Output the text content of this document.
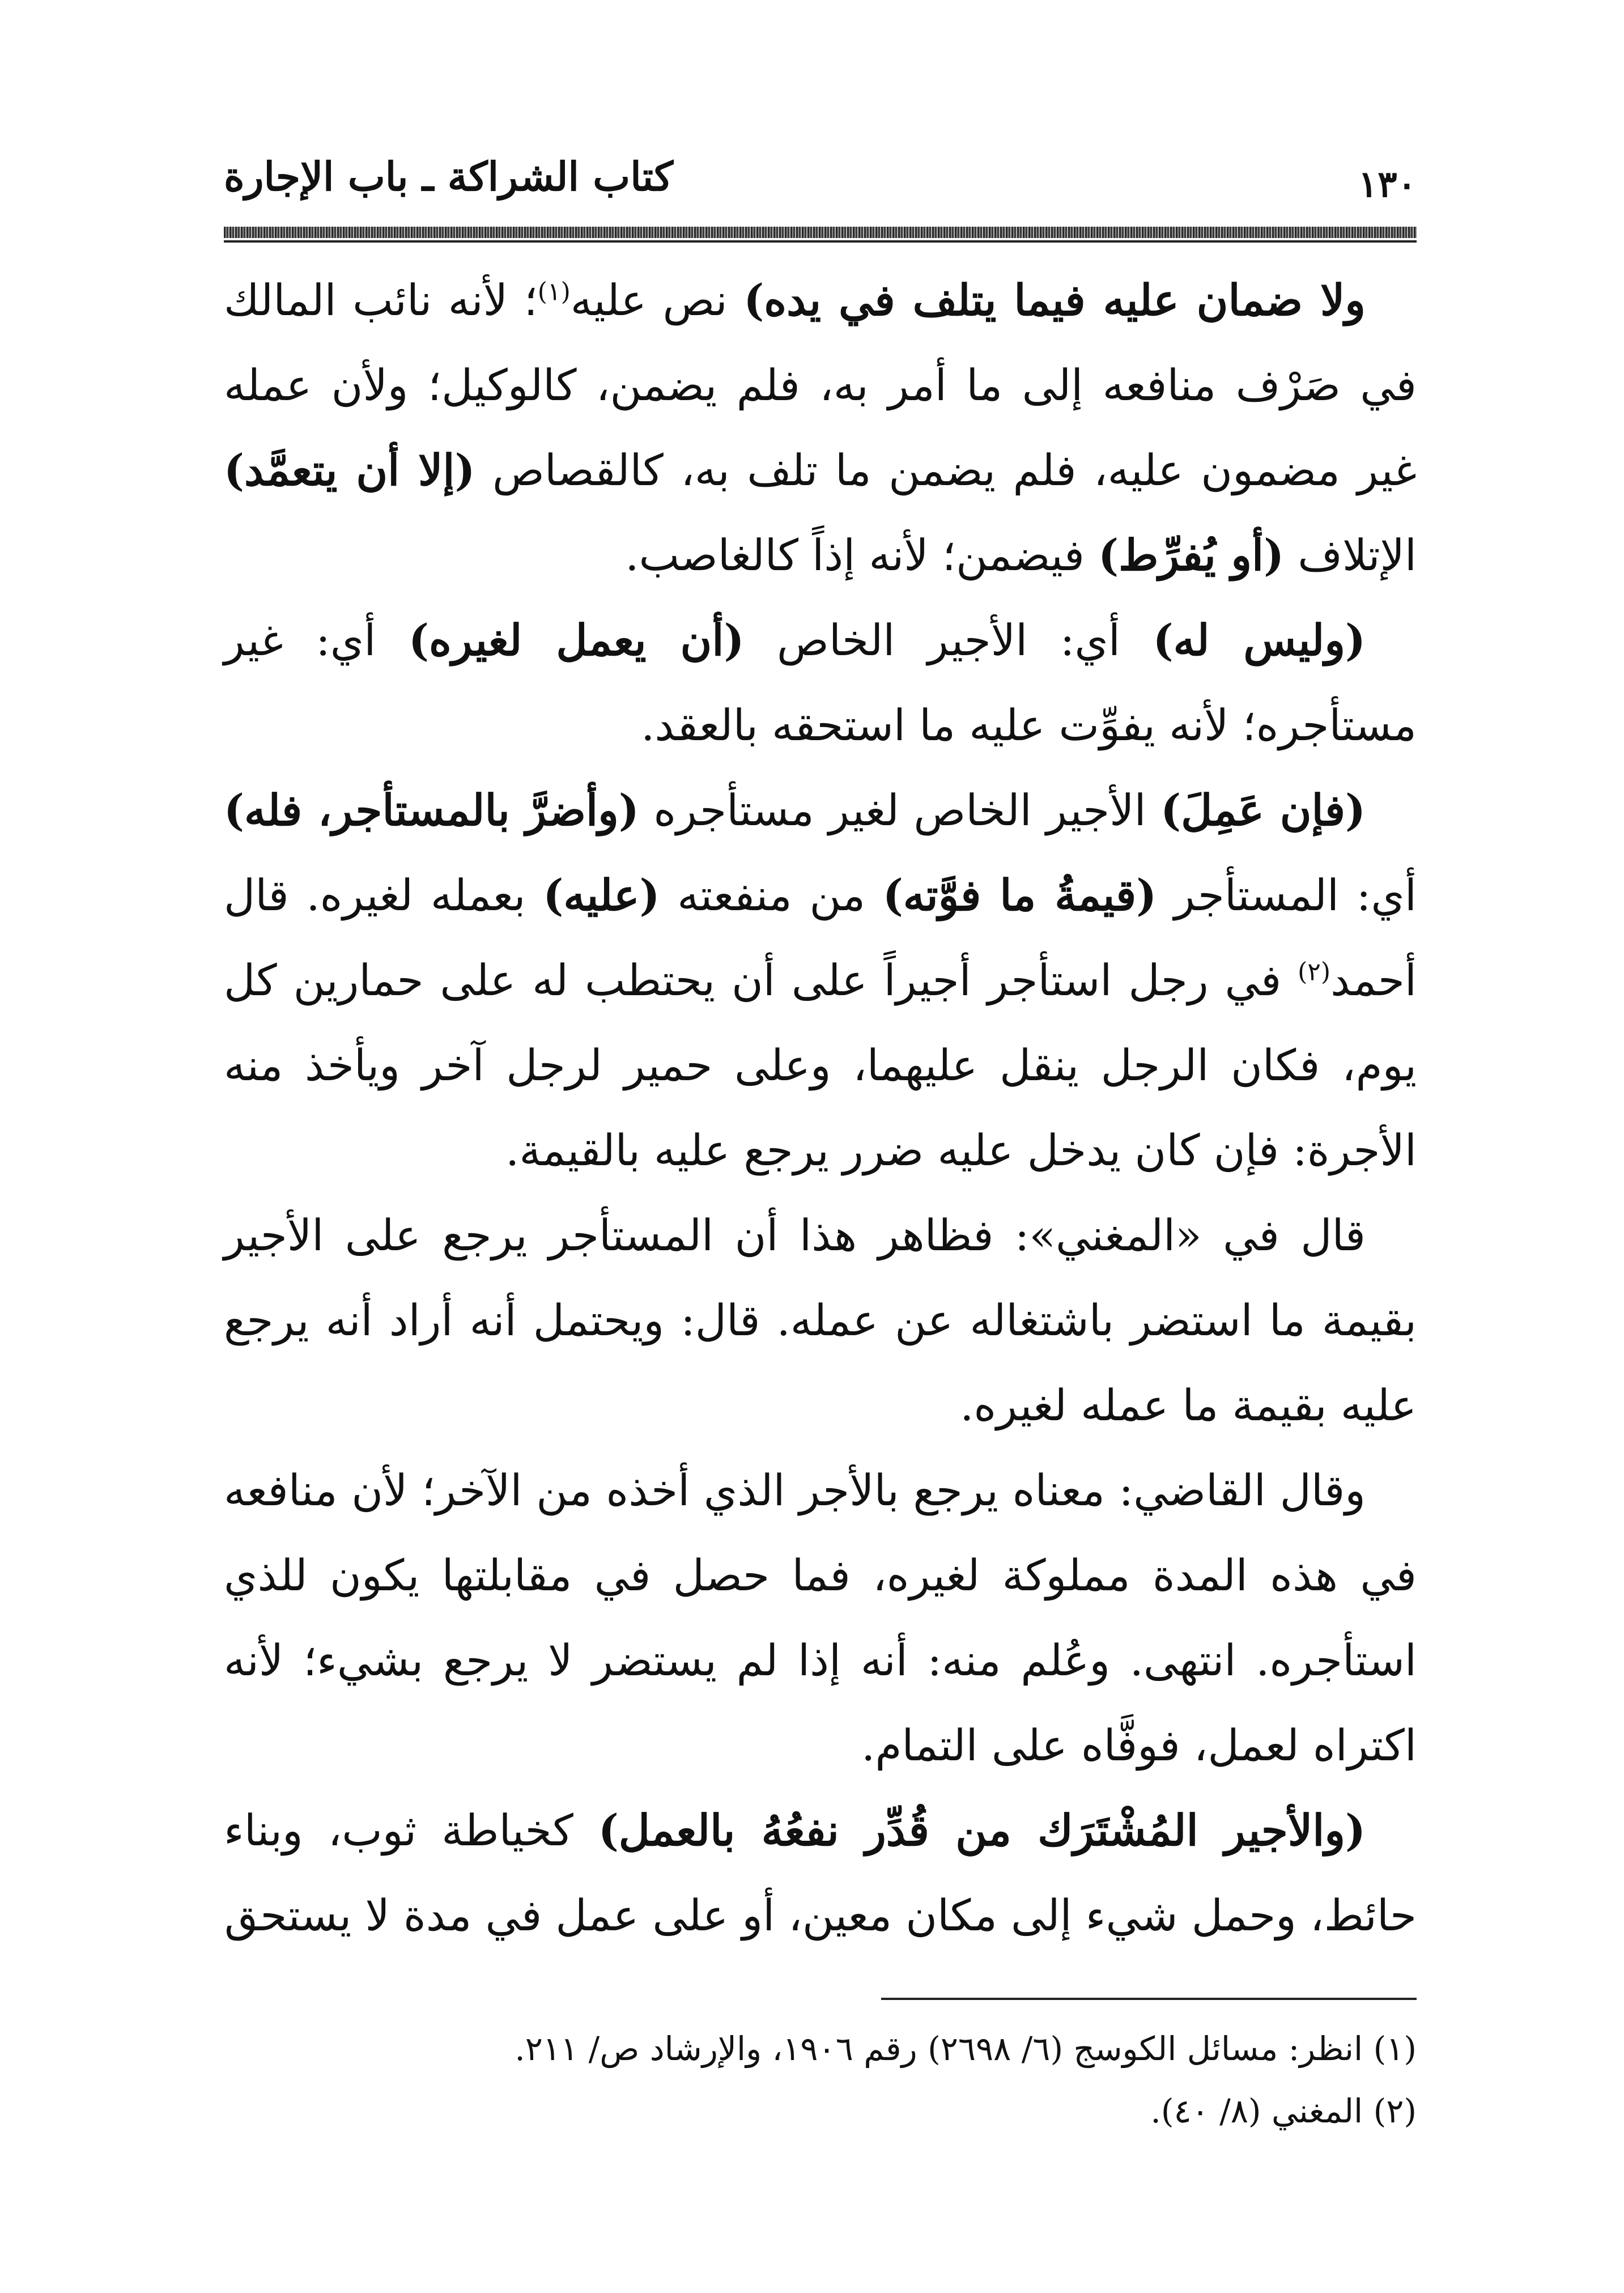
١٣٠
كتاب الشراكة ـ باب الإجارة

ولا ضمان عليه فيما يتلف في يده) نص عليه$^{(١)}$؛ لأنه نائب المالك في صَرْف منافعه إلى ما أمر به، فلم يضمن، كالوكيل؛ ولأن عمله غير مضمون عليه، فلم يضمن ما تلف به، كالقصاص (إلا أن يتعمَّد) الإتلاف (أو يُفرِّط) فيضمن؛ لأنه إذاً كالغاصب.

(وليس له) أي: الأجير الخاص (أن يعمل لغيره) أي: غير مستأجره؛ لأنه يفوِّت عليه ما استحقه بالعقد.

(فإن عَمِلَ) الأجير الخاص لغير مستأجره (وأضرَّ بالمستأجر، فله) أي: المستأجر (قيمةُ ما فوَّته) من منفعته (عليه) بعمله لغيره. قال أحمد$^{(٢)}$ في رجل استأجر أجيراً على أن يحتطب له على حمارين كل يوم، فكان الرجل ينقل عليهما، وعلى حمير لرجل آخر ويأخذ منه الأجرة: فإن كان يدخل عليه ضرر يرجع عليه بالقيمة.

قال في «المغني»: فظاهر هذا أن المستأجر يرجع على الأجير بقيمة ما استضر باشتغاله عن عمله. قال: ويحتمل أنه أراد أنه يرجع عليه بقيمة ما عمله لغيره.

وقال القاضي: معناه يرجع بالأجر الذي أخذه من الآخر؛ لأن منافعه في هذه المدة مملوكة لغيره، فما حصل في مقابلتها يكون للذي استأجره. انتهى. وعُلم منه: أنه إذا لم يستضر لا يرجع بشيء؛ لأنه اكتراه لعمل، فوفَّاه على التمام.

(والأجير المُشْتَرَك من قُدِّر نفعُهُ بالعمل) كخياطة ثوب، وبناء حائط، وحمل شيء إلى مكان معين، أو على عمل في مدة لا يستحق

(١) انظر: مسائل الكوسج (٦/ ٢٦٩٨) رقم ١٩٠٦، والإرشاد ص/ ٢١١.

(٢) المغني (٨/ ٤٠).
